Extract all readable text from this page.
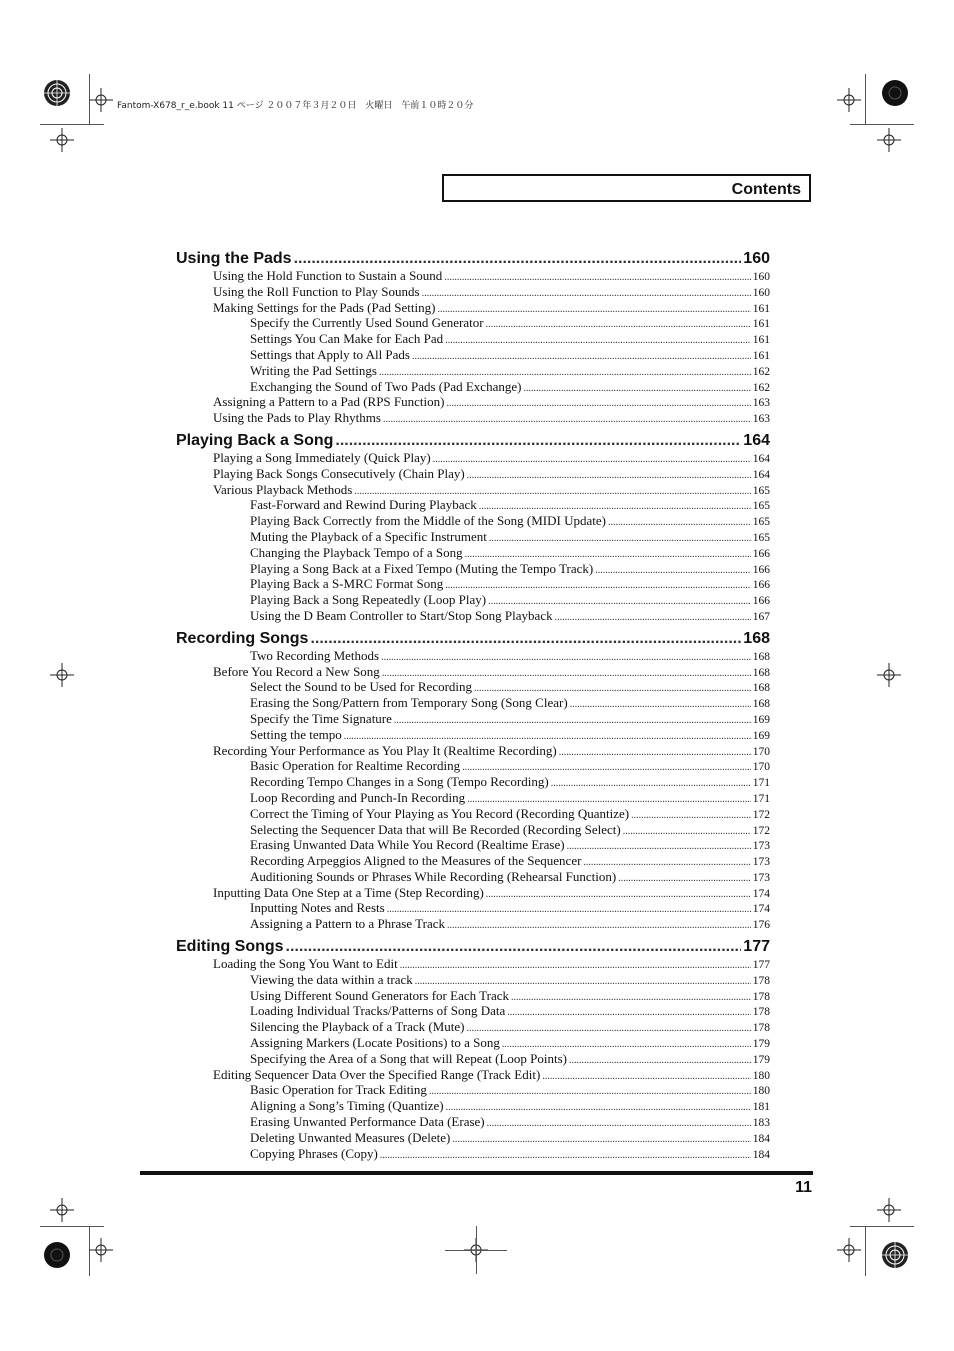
Fantom-X678_r_e.book 11 ページ ２００７年３月２０日　火曜日　午前１０時２０分
Contents
Using the Pads .....	160
Using the Hold Function to Sustain a Sound .....	160
Using the Roll Function to Play Sounds .....	160
Making Settings for the Pads (Pad Setting) .....	161
Specify the Currently Used Sound Generator .....	161
Settings You Can Make for Each Pad .....	161
Settings that Apply to All Pads .....	161
Writing the Pad Settings .....	162
Exchanging the Sound of Two Pads (Pad Exchange) .....	162
Assigning a Pattern to a Pad (RPS Function) .....	163
Using the Pads to Play Rhythms .....	163
Playing Back a Song .....	164
Playing a Song Immediately (Quick Play) .....	164
Playing Back Songs Consecutively (Chain Play) .....	164
Various Playback Methods .....	165
Fast-Forward and Rewind During Playback .....	165
Playing Back Correctly from the Middle of the Song (MIDI Update) .....	165
Muting the Playback of a Specific Instrument .....	165
Changing the Playback Tempo of a Song .....	166
Playing a Song Back at a Fixed Tempo (Muting the Tempo Track) .....	166
Playing Back a S-MRC Format Song .....	166
Playing Back a Song Repeatedly (Loop Play) .....	166
Using the D Beam Controller to Start/Stop Song Playback .....	167
Recording Songs .....	168
Two Recording Methods .....	168
Before You Record a New Song .....	168
Select the Sound to be Used for Recording .....	168
Erasing the Song/Pattern from Temporary Song (Song Clear) .....	168
Specify the Time Signature .....	169
Setting the tempo .....	169
Recording Your Performance as You Play It (Realtime Recording) .....	170
Basic Operation for Realtime Recording .....	170
Recording Tempo Changes in a Song (Tempo Recording) .....	171
Loop Recording and Punch-In Recording .....	171
Correct the Timing of Your Playing as You Record (Recording Quantize) .....	172
Selecting the Sequencer Data that will Be Recorded (Recording Select) .....	172
Erasing Unwanted Data While You Record (Realtime Erase) .....	173
Recording Arpeggios Aligned to the Measures of the Sequencer .....	173
Auditioning Sounds or Phrases While Recording (Rehearsal Function) .....	173
Inputting Data One Step at a Time (Step Recording) .....	174
Inputting Notes and Rests .....	174
Assigning a Pattern to a Phrase Track .....	176
Editing Songs .....	177
Loading the Song You Want to Edit .....	177
Viewing the data within a track .....	178
Using Different Sound Generators for Each Track .....	178
Loading Individual Tracks/Patterns of Song Data .....	178
Silencing the Playback of a Track (Mute) .....	178
Assigning Markers (Locate Positions) to a Song .....	179
Specifying the Area of a Song that will Repeat (Loop Points) .....	179
Editing Sequencer Data Over the Specified Range (Track Edit) .....	180
Basic Operation for Track Editing .....	180
Aligning a Song’s Timing (Quantize) .....	181
Erasing Unwanted Performance Data (Erase) .....	183
Deleting Unwanted Measures (Delete) .....	184
Copying Phrases (Copy) .....	184
11
